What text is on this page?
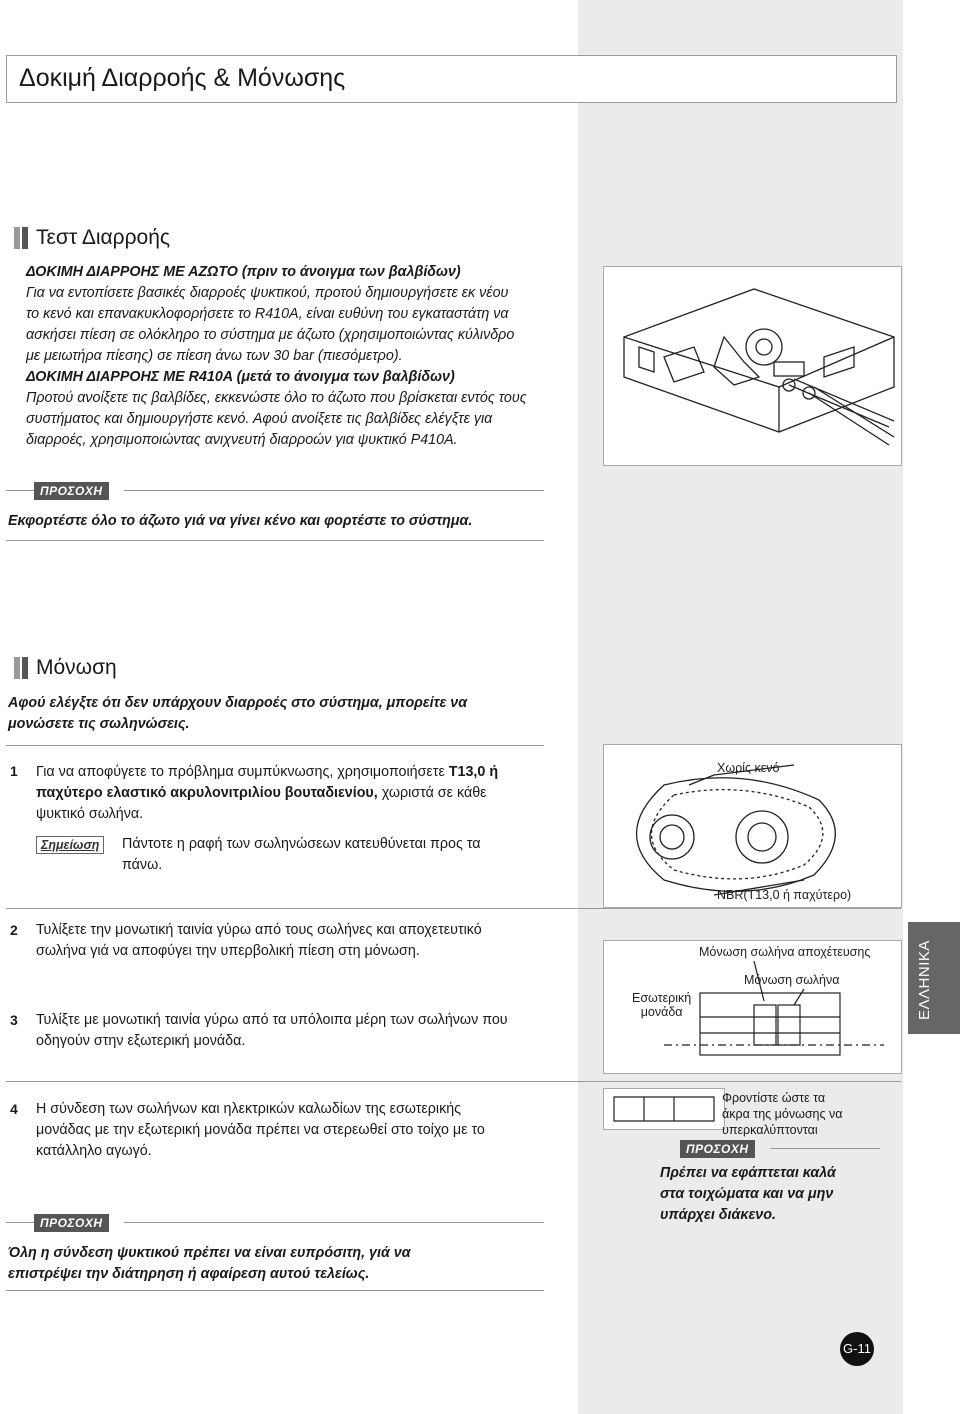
Δοκιμή Διαρροής & Μόνωσης
Τεστ Διαρροής
ΔΟΚΙΜΗ ΔΙΑΡΡΟΗΣ ΜΕ ΑΖΩΤΟ (πριν το άνοιγμα των βαλβίδων)
Για να εντοπίσετε βασικές διαρροές ψυκτικού, προτού δημιουργήσετε εκ νέου
το κενό και επανακυκλοφορήσετε το R410A, είναι ευθύνη του εγκαταστάτη να
ασκήσει πίεση σε ολόκληρο το σύστημα με άζωτο (χρησιμοποιώντας κύλινδρο
με μειωτήρα πίεσης) σε πίεση άνω των 30 bar (πιεσόμετρο).
ΔΟΚΙΜΗ ΔΙΑΡΡΟΗΣ ΜΕ R410A (μετά το άνοιγμα των βαλβίδων)
Προτού ανοίξετε τις βαλβίδες, εκκενώστε όλο το άζωτο που βρίσκεται εντός τους
συστήματος και δημιουργήστε κενό. Αφού ανοίξετε τις βαλβίδες ελέγξτε για
διαρροές, χρησιμοποιώντας ανιχνευτή διαρροών για ψυκτικό Ρ410Α.
ΠΡΟΣΟΧΗ
Εκφορτέστε όλο το άζωτο γιά να γίνει κένο και φορτέστε το σύστημα.
Μόνωση
Αφού ελέγξτε ότι δεν υπάρχουν διαρροές στο σύστημα, μπορείτε να
μονώσετε τις σωληνώσεις.
1 Για να αποφύγετε το πρόβλημα συμπύκνωσης, χρησιμοποιήσετε T13,0 ή
παχύτερο ελαστικό ακρυλονιτριλίου βουταδιενίου, χωριστά σε κάθε
ψυκτικό σωλήνα.
Σημείωση	Πάντοτε η ραφή των σωληνώσεων κατευθύνεται προς τα
πάνω.
Χωρίς κενό
NBR(T13,0 ή παχύτερο)
2 Τυλίξετε την μονωτική ταινία γύρω από τους σωλήνες και αποχετευτικό
σωλήνα γιά να αποφύγει την υπερβολική πίεση στη μόνωση.
3 Τυλίξτε με μονωτική ταινία γύρω από τα υπόλοιπα μέρη των σωλήνων που
οδηγούν στην εξωτερική μονάδα.
Μόνωση σωλήνα αποχέτευσης
Μόνωση σωλήνα
Εσωτερική
μονάδα
4 Η σύνδεση των σωλήνων και ηλεκτρικών καλωδίων της εσωτερικής
μονάδας με την εξωτερική μονάδα πρέπει να στερεωθεί στο τοίχο με το
κατάλληλο αγωγό.
Φροντίστε ώστε τα
άκρα της μόνωσης να
υπερκαλύπτονται
ΠΡΟΣΟΧΗ
Πρέπει να εφάπτεται καλά
στα τοιχώματα και να μην
υπάρχει διάκενο.
ΠΡΟΣΟΧΗ
Όλη η σύνδεση ψυκτικού πρέπει να είναι ευπρόσιτη, γιά να
επιστρέψει την διάτηρηση ή αφαίρεση αυτού τελείως.
ΕΛΛΗΝΙΚΑ
G-11
